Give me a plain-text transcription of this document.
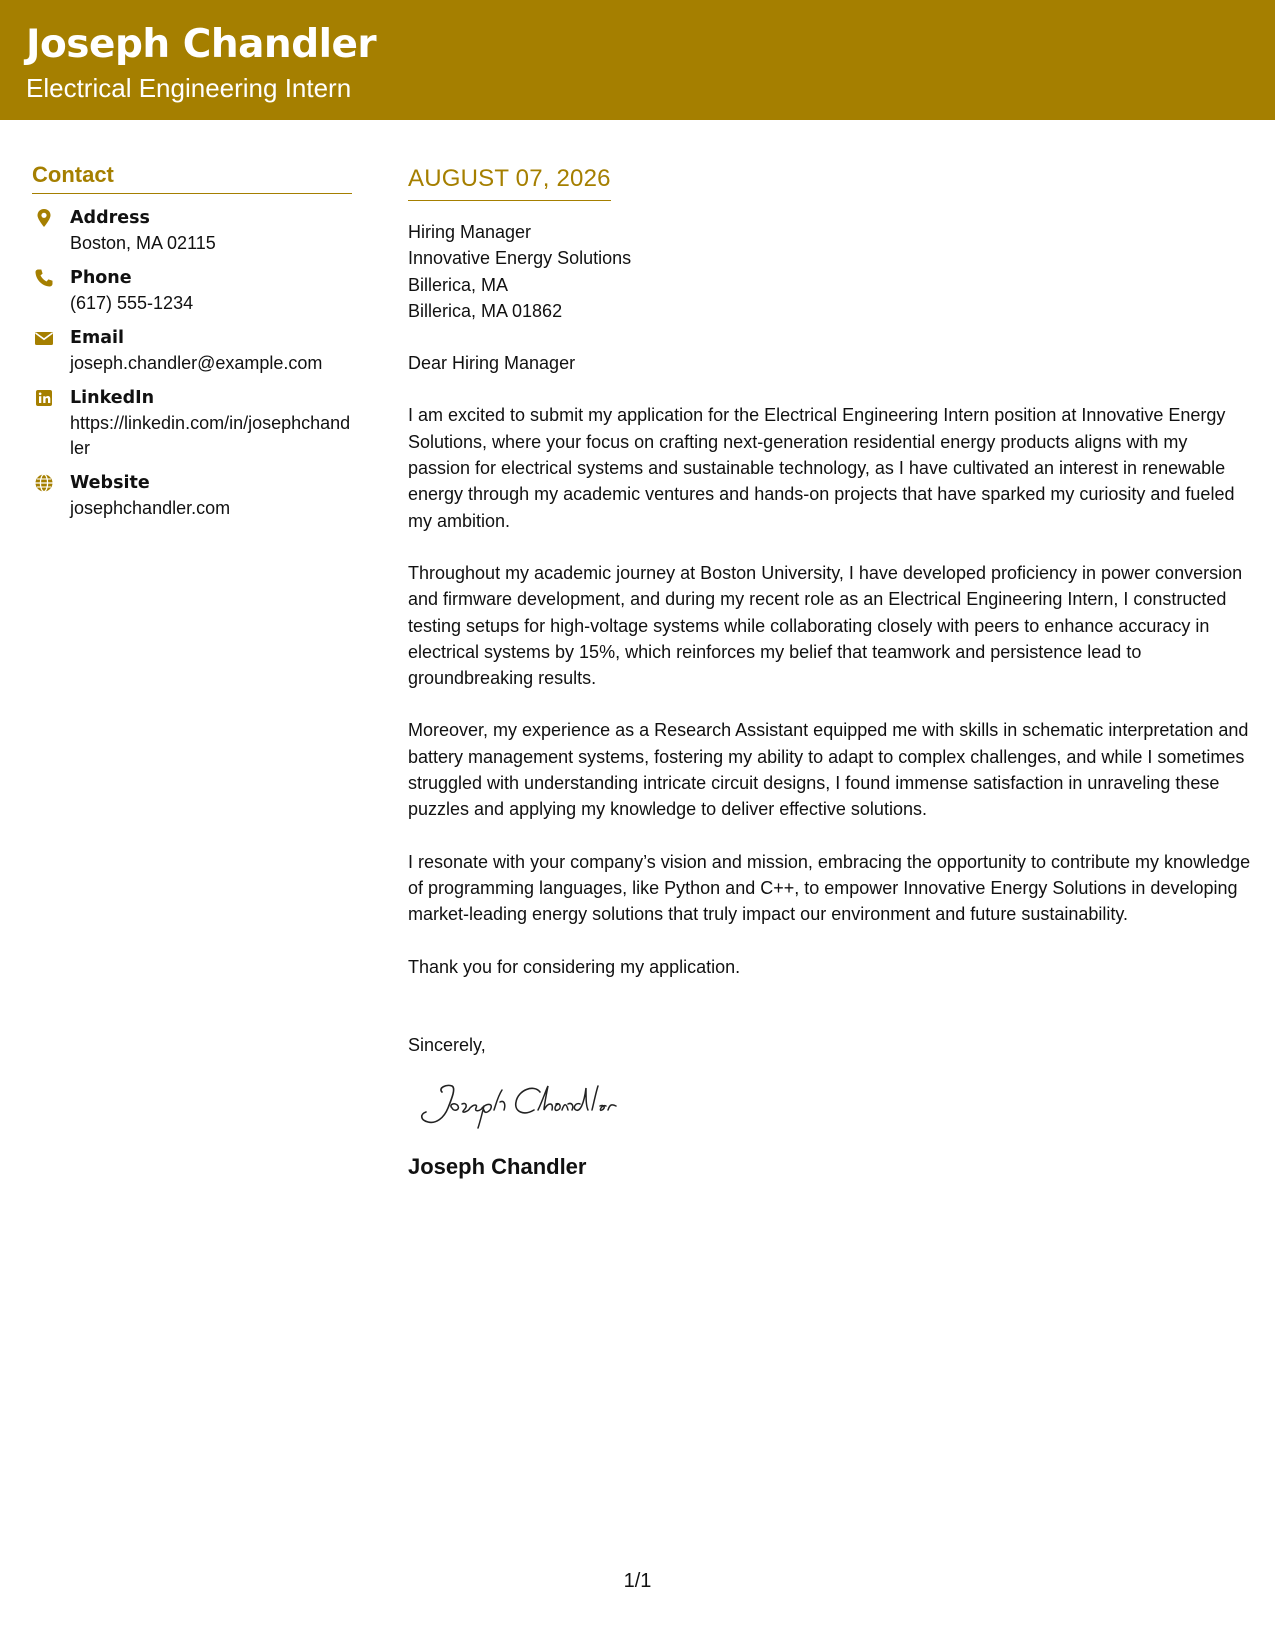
Joseph Chandler
Electrical Engineering Intern
Contact
Address
Boston, MA 02115
Phone
(617) 555-1234
Email
joseph.chandler@example.com
LinkedIn
https://linkedin.com/in/josephchandler
Website
josephchandler.com
AUGUST 07, 2026
Hiring Manager
Innovative Energy Solutions
Billerica, MA
Billerica, MA 01862

Dear Hiring Manager

I am excited to submit my application for the Electrical Engineering Intern position at Innovative Energy Solutions, where your focus on crafting next-generation residential energy products aligns with my passion for electrical systems and sustainable technology, as I have cultivated an interest in renewable energy through my academic ventures and hands-on projects that have sparked my curiosity and fueled my ambition.

Throughout my academic journey at Boston University, I have developed proficiency in power conversion and firmware development, and during my recent role as an Electrical Engineering Intern, I constructed testing setups for high-voltage systems while collaborating closely with peers to enhance accuracy in electrical systems by 15%, which reinforces my belief that teamwork and persistence lead to groundbreaking results.

Moreover, my experience as a Research Assistant equipped me with skills in schematic interpretation and battery management systems, fostering my ability to adapt to complex challenges, and while I sometimes struggled with understanding intricate circuit designs, I found immense satisfaction in unraveling these puzzles and applying my knowledge to deliver effective solutions.

I resonate with your company’s vision and mission, embracing the opportunity to contribute my knowledge of programming languages, like Python and C++, to empower Innovative Energy Solutions in developing market-leading energy solutions that truly impact our environment and future sustainability.

Thank you for considering my application.

Sincerely,
Joseph Chandler
1/1
